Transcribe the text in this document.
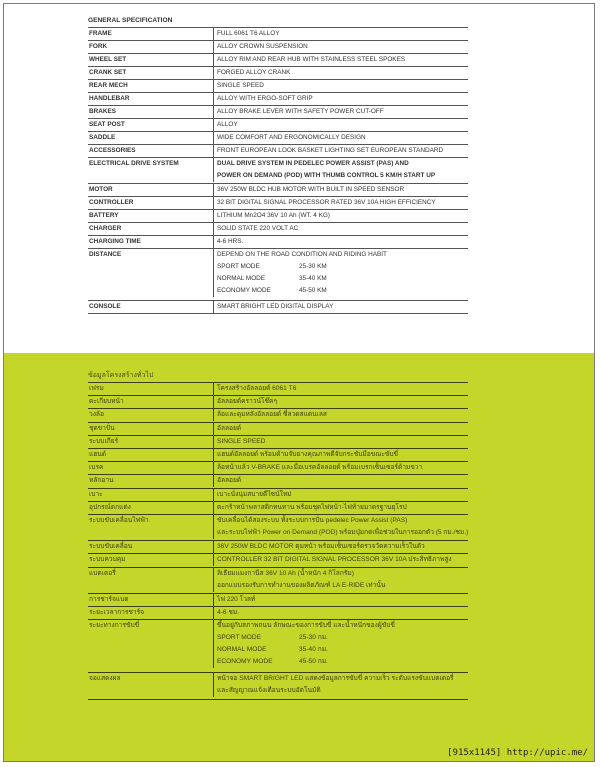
GENERAL SPECIFICATION
FRAME	FULL 6061 T6 ALLOY
FORK	ALLOY CROWN SUSPENSION
WHEEL SET	ALLOY RIM AND REAR HUB WITH STAINLESS STEEL SPOKES
CRANK SET	FORGED ALLOY CRANK
REAR MECH	SINGLE SPEED
HANDLEBAR	ALLOY WITH ERGO-SOFT GRIP
BRAKES	ALLOY BRAKE LEVER WITH SAFETY POWER CUT-OFF
SEAT POST	ALLOY
SADDLE	WIDE COMFORT AND ERGONOMICALLY DESIGN
ACCESSORIES	FRONT EUROPEAN LOOK BASKET LIGHTING SET EUROPEAN STANDARD
ELECTRICAL DRIVE SYSTEM	DUAL DRIVE SYSTEM IN PEDELEC POWER ASSIST (PAS) AND
POWER ON DEMAND (POD) WITH THUMB CONTROL 5 KM/H START UP
MOTOR	36V 250W BLDC HUB MOTOR WITH BUILT IN SPEED SENSOR
CONTROLLER	32 BIT DIGITAL SIGNAL PROCESSOR RATED 36V 10A HIGH EFFICIENCY
BATTERY	LITHIUM Mn2O4 36V 10 Ah (WT. 4 KG)
CHARGER	SOLID STATE 220 VOLT AC
CHARGING TIME	4-6 HRS.
DISTANCE	DEPEND ON THE ROAD CONDITION AND RIDING HABIT
SPORT MODE	25-30 KM
NORMAL MODE	35-40 KM
ECONOMY MODE	45-50 KM
CONSOLE	SMART BRIGHT LED DIGITAL DISPLAY
ข้อมูลโครงสร้างทั่วไป
เฟรม	โครงสร้างอัลลอยด์ 6061 T6
ตะเกียบหน้า	อัลลอยด์คราวน์โช๊คๆ
วงล้อ	ล้อและดุมหลังอัลลอยด์ ซี่ลวดสแตนเลส
ชุดขาปั่น	อัลลอยด์
ระบบเกียร์	SINGLE SPEED
แฮนด์	แฮนด์อัลลอยด์ พร้อมด้ามจับยางคุณภาพดีจับกระชับมือขณะขับขี่
เบรค	ล้อหน้าแล้ว V-BRAKE และมือเบรคอัลลอยด์ พร้อมเบรกเซ็นเซอร์ด้ามขวา
หลักอาน	อัลลอยด์
เบาะ	เบาะนั่งนุ่มสบายดีไซน์ใหม่
อุปกรณ์ตกแต่ง	ตะกร้าหน้าพลาสติกทนทาน พร้อมชุดไฟหน้า-ไฟท้ายมาตรฐานยุโรป
ระบบขับเคลื่อนไฟฟ้า	ขับเคลื่อนได้สองระบบ ทั้งระบบการปั่น pedelec Power Assist (PAS)
และระบบไฟฟ้า Power on Demand (POD) พร้อมปุ่มกดเพื่อช่วยในการออกตัว (5 กม./ชม.)
ระบบขับเคลื่อน	36V 250W BLDC MOTOR ดุมหน้า พร้อมเซ็นเซอร์ตรวจวัดความเร็วในตัว
ระบบควบคุม	CONTROLLER 32 BIT DIGITAL SIGNAL PROCESSOR 36V 10A ประสิทธิภาพสูง
แบตเตอรี่	ลิเธียมแมงกานีส 36V 10 Ah (น้ำหนัก 4 กิโลกรัม)
ออกแบบรองรับการทำงานของผลิตภัณฑ์ LA E-RIDE เท่านั้น
การชาร์จแบต	ไฟ 220 โวลท์
ระยะเวลาการชาร์จ	4-6 ชม.
ระยะทางการขับขี่	ขึ้นอยู่กับสภาพถนน ลักษณะของการขับขี่ และน้ำหนักของผู้ขับขี่
SPORT MODE	25-30 กม.
NORMAL MODE	35-40 กม.
ECONOMY MODE	45-50 กม.
จอแสดงผล	หน้าจอ SMART BRIGHT LED แสดงข้อมูลการขับขี่ ความเร็ว ระดับแรงขับแบตเตอรี่
และสัญญาณแจ้งเตือนระบบอัตโนมัติ
[915x1145] http://upic.me/
